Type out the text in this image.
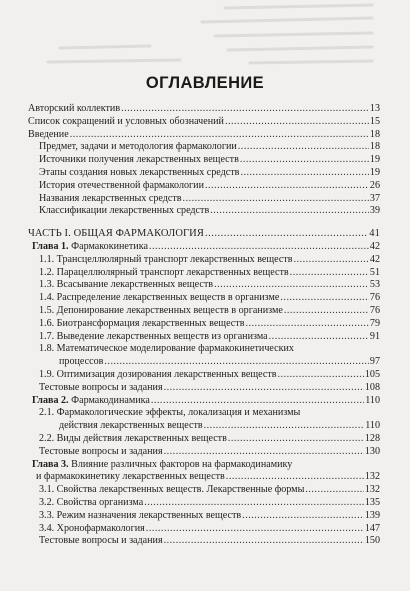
ОГЛАВЛЕНИЕ
Авторский коллектив .....	13
Список сокращений и условных обозначений .....	15
Введение .....	18
Предмет, задачи и методология фармакологии .....	18
Источники получения лекарственных веществ .....	19
Этапы создания новых лекарственных средств .....	19
История отечественной фармакологии .....	26
Названия лекарственных средств .....	37
Классификации лекарственных средств .....	39
ЧАСТЬ I. ОБЩАЯ ФАРМАКОЛОГИЯ .....	41
Глава 1. Фармакокинетика .....	42
1.1. Трансцеллюлярный транспорт лекарственных веществ .....	42
1.2. Парацеллюлярный транспорт лекарственных веществ .....	51
1.3. Всасывание лекарственных веществ .....	53
1.4. Распределение лекарственных веществ в организме .....	76
1.5. Депонирование лекарственных веществ в организме .....	76
1.6. Биотрансформация лекарственных веществ .....	79
1.7. Выведение лекарственных веществ из организма .....	91
1.8. Математическое моделирование фармакокинетических
процессов .....	97
1.9. Оптимизация дозирования лекарственных веществ .....	105
Тестовые вопросы и задания .....	108
Глава 2. Фармакодинамика .....	110
2.1. Фармакологические эффекты, локализация и механизмы
действия лекарственных веществ .....	110
2.2. Виды действия лекарственных веществ .....	128
Тестовые вопросы и задания .....	130
Глава 3. Влияние различных факторов на фармакодинамику
и фармакокинетику лекарственных веществ .....	132
3.1. Свойства лекарственных веществ. Лекарственные формы .....	132
3.2. Свойства организма .....	135
3.3. Режим назначения лекарственных веществ .....	139
3.4. Хронофармакология .....	147
Тестовые вопросы и задания .....	150
